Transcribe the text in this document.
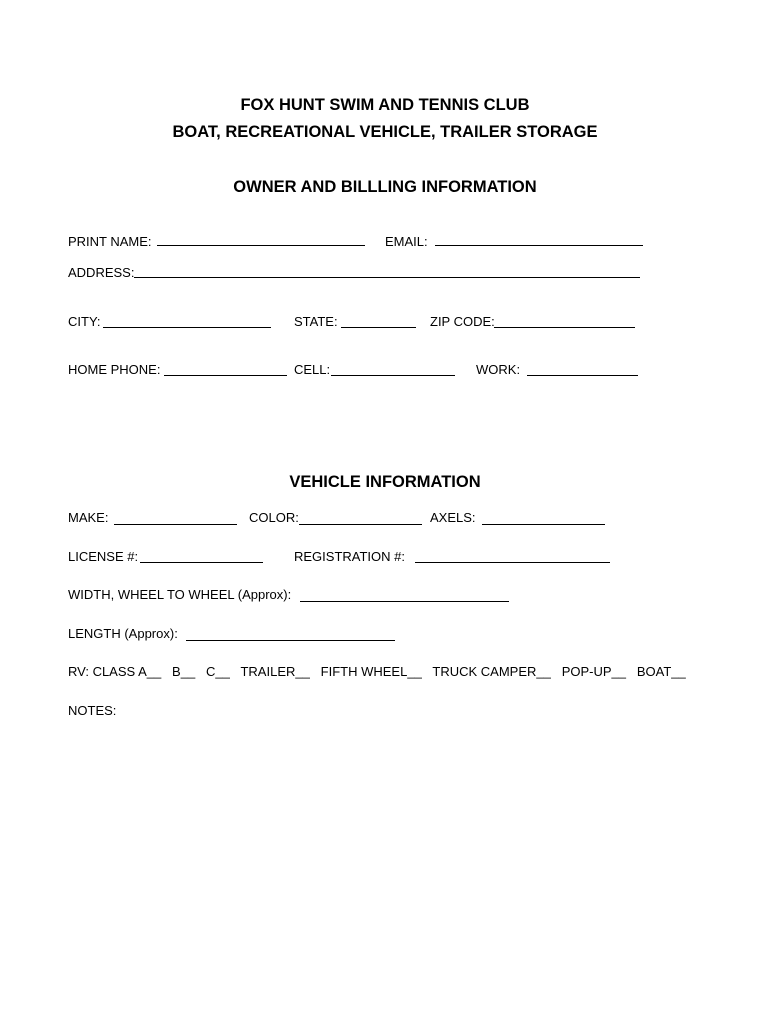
FOX HUNT SWIM AND TENNIS CLUB
BOAT, RECREATIONAL VEHICLE, TRAILER STORAGE
OWNER AND BILLLING INFORMATION
PRINT NAME:	EMAIL:
ADDRESS:
CITY:	STATE:	ZIP CODE:
HOME PHONE:	CELL:	WORK:
VEHICLE INFORMATION
MAKE:	COLOR:	AXELS:
LICENSE #:	REGISTRATION #:
WIDTH, WHEEL TO WHEEL (Approx):
LENGTH (Approx):
RV: CLASS A__   B__   C__   TRAILER__   FIFTH WHEEL__   TRUCK CAMPER__   POP-UP__   BOAT__
NOTES:
